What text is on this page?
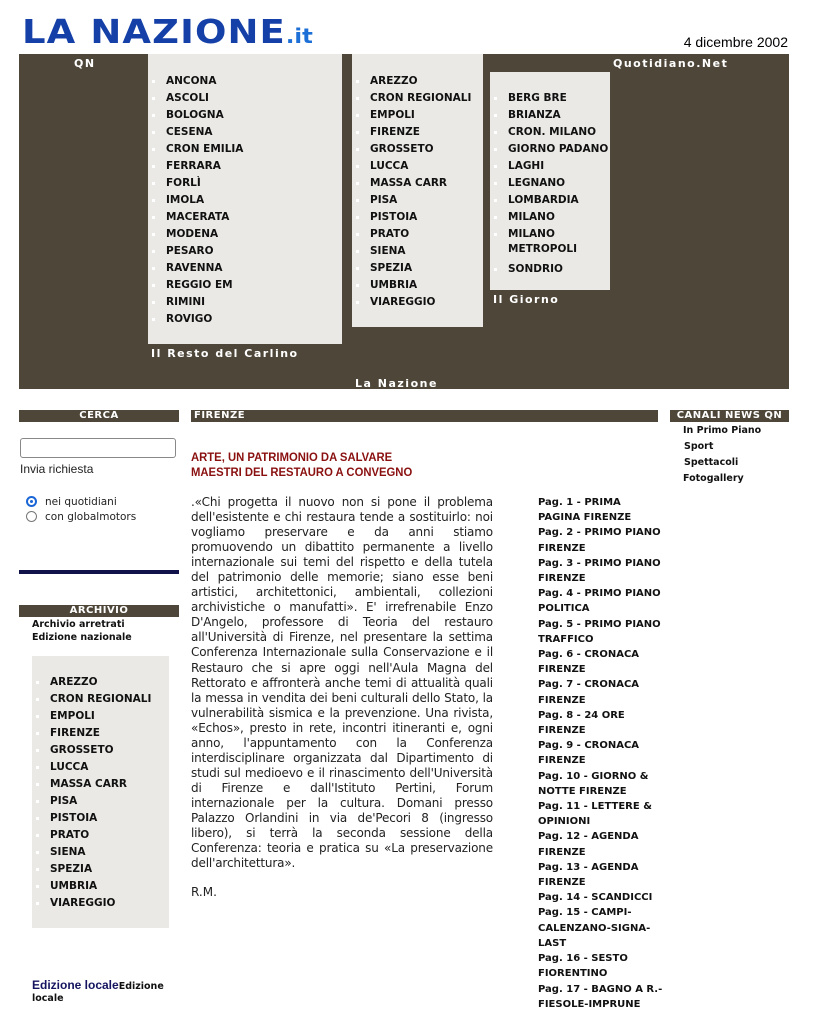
LA NAZIONE.it	4 dicembre 2002
QN	Quotidiano.Net
ANCONA
ASCOLI
BOLOGNA
CESENA
CRON EMILIA
FERRARA
FORLÌ
IMOLA
MACERATA
MODENA
PESARO
RAVENNA
REGGIO EM
RIMINI
ROVIGO
Il Resto del Carlino
AREZZO
CRON REGIONALI
EMPOLI
FIRENZE
GROSSETO
LUCCA
MASSA CARR
PISA
PISTOIA
PRATO
SIENA
SPEZIA
UMBRIA
VIAREGGIO
La Nazione
BERG BRE
BRIANZA
CRON. MILANO
GIORNO PADANO
LAGHI
LEGNANO
LOMBARDIA
MILANO
MILANO METROPOLI
SONDRIO
Il Giorno
CERCA
Invia richiesta
nei quotidiani
con globalmotors
ARCHIVIO
Archivio arretrati
Edizione nazionale
AREZZO
CRON REGIONALI
EMPOLI
FIRENZE
GROSSETO
LUCCA
MASSA CARR
PISA
PISTOIA
PRATO
SIENA
SPEZIA
UMBRIA
VIAREGGIO
Edizione localeEdizione
locale
FIRENZE
ARTE, UN PATRIMONIO DA SALVARE
MAESTRI DEL RESTAURO A CONVEGNO
.«Chi progetta il nuovo non si pone il problema dell'esistente e chi restaura tende a sostituirlo: noi vogliamo preservare e da anni stiamo promuovendo un dibattito permanente a livello internazionale sui temi del rispetto e della tutela del patrimonio delle memorie; siano esse beni artistici, architettonici, ambientali, collezioni archivistiche o manufatti». E' irrefrenabile Enzo D'Angelo, professore di Teoria del restauro all'Università di Firenze, nel presentare la settima Conferenza Internazionale sulla Conservazione e il Restauro che si apre oggi nell'Aula Magna del Rettorato e affronterà anche temi di attualità quali la messa in vendita dei beni culturali dello Stato, la vulnerabilità sismica e la prevenzione. Una rivista, «Echos», presto in rete, incontri itineranti e, ogni anno, l'appuntamento con la Conferenza interdisciplinare organizzata dal Dipartimento di studi sul medioevo e il rinascimento dell'Università di Firenze e dall'Istituto Pertini, Forum internazionale per la cultura. Domani presso Palazzo Orlandini in via de'Pecori 8 (ingresso libero), si terrà la seconda sessione della Conferenza: teoria e pratica su «La preservazione dell'architettura».
R.M.
Pag. 1 - PRIMA PAGINA FIRENZE
Pag. 2 - PRIMO PIANO FIRENZE
Pag. 3 - PRIMO PIANO FIRENZE
Pag. 4 - PRIMO PIANO POLITICA
Pag. 5 - PRIMO PIANO TRAFFICO
Pag. 6 - CRONACA FIRENZE
Pag. 7 - CRONACA FIRENZE
Pag. 8 - 24 ORE FIRENZE
Pag. 9 - CRONACA FIRENZE
Pag. 10 - GIORNO & NOTTE FIRENZE
Pag. 11 - LETTERE & OPINIONI
Pag. 12 - AGENDA FIRENZE
Pag. 13 - AGENDA FIRENZE
Pag. 14 - SCANDICCI
Pag. 15 - CAMPI-CALENZANO-SIGNA-LAST
Pag. 16 - SESTO FIORENTINO
Pag. 17 - BAGNO A R.-FIESOLE-IMPRUNE
CANALI NEWS QN
In Primo Piano
Sport
Spettacoli
Fotogallery
